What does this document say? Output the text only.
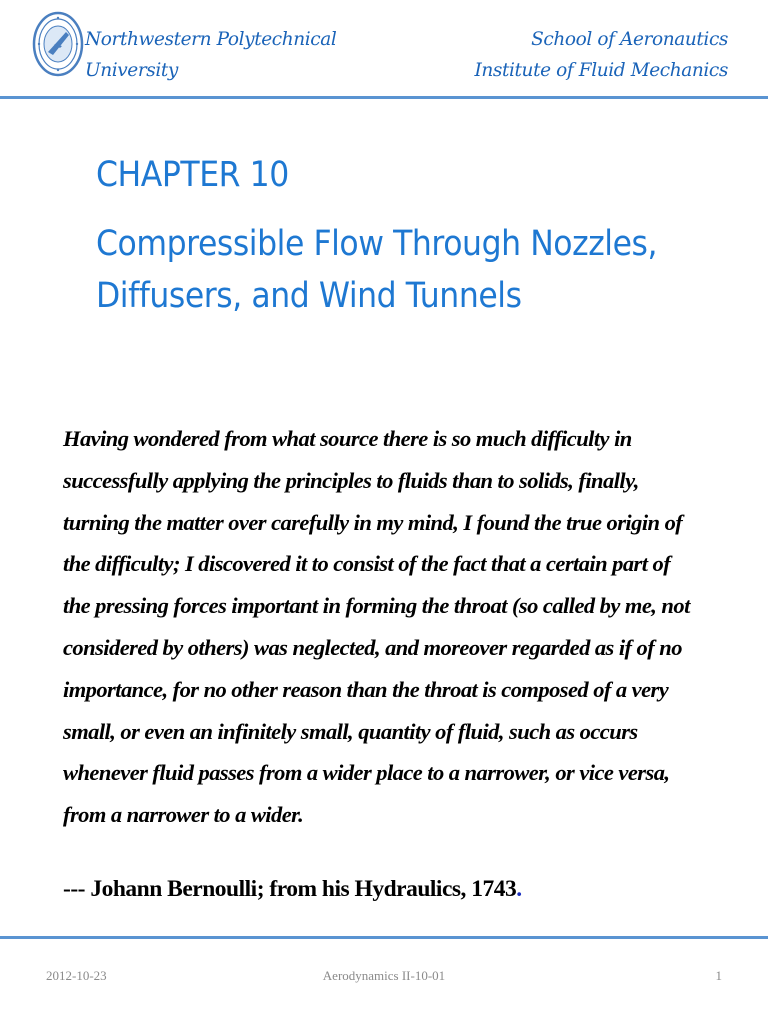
Northwestern Polytechnical
University
School of Aeronautics
Institute of Fluid Mechanics
CHAPTER 10
Compressible Flow Through Nozzles,
Diffusers, and Wind Tunnels
Having wondered from what source there is so much difficulty in
successfully applying the principles to fluids than to solids, finally,
turning the matter over carefully in my mind, I found the true origin of
the difficulty; I discovered it to consist of the fact that a certain part of
the pressing forces important in forming the throat (so called by me, not
considered by others) was neglected, and moreover regarded as if of no
importance, for no other reason than the throat is composed of a very
small, or even an infinitely small, quantity of fluid, such as occurs
whenever fluid passes from a wider place to a narrower, or vice versa,
from a narrower to a wider.
--- Johann Bernoulli; from his Hydraulics, 1743.
2012-10-23	Aerodynamics II-10-01	1
